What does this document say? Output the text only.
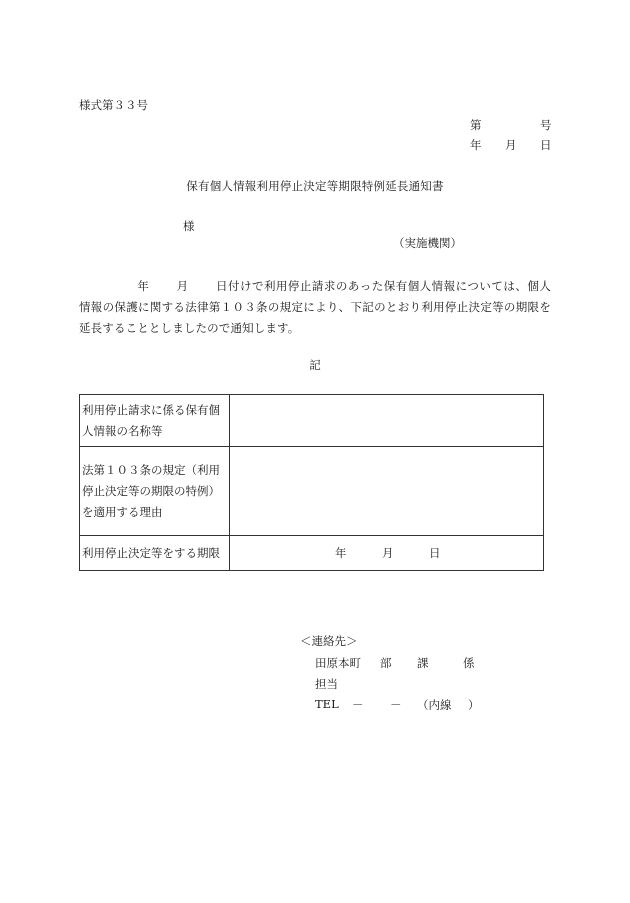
様式第３３号
第	号
年 月 日
保有個人情報利用停止決定等期限特例延長通知書
様
（実施機関）
年 月 日付けで利用停止請求のあった保有個人情報については、個人情報の保護に関する法律第１０３条の規定により、下記のとおり利用停止決定等の期限を延長することとしましたので通知します。
記
利用停止請求に係る保有個人情報の名称等	
法第１０３条の規定（利用停止決定等の期限の特例）を適用する理由	
利用停止決定等をする期限	年 月 日
＜連絡先＞
田原本町 部 課	係
担当
TEL － － （内線 ）
